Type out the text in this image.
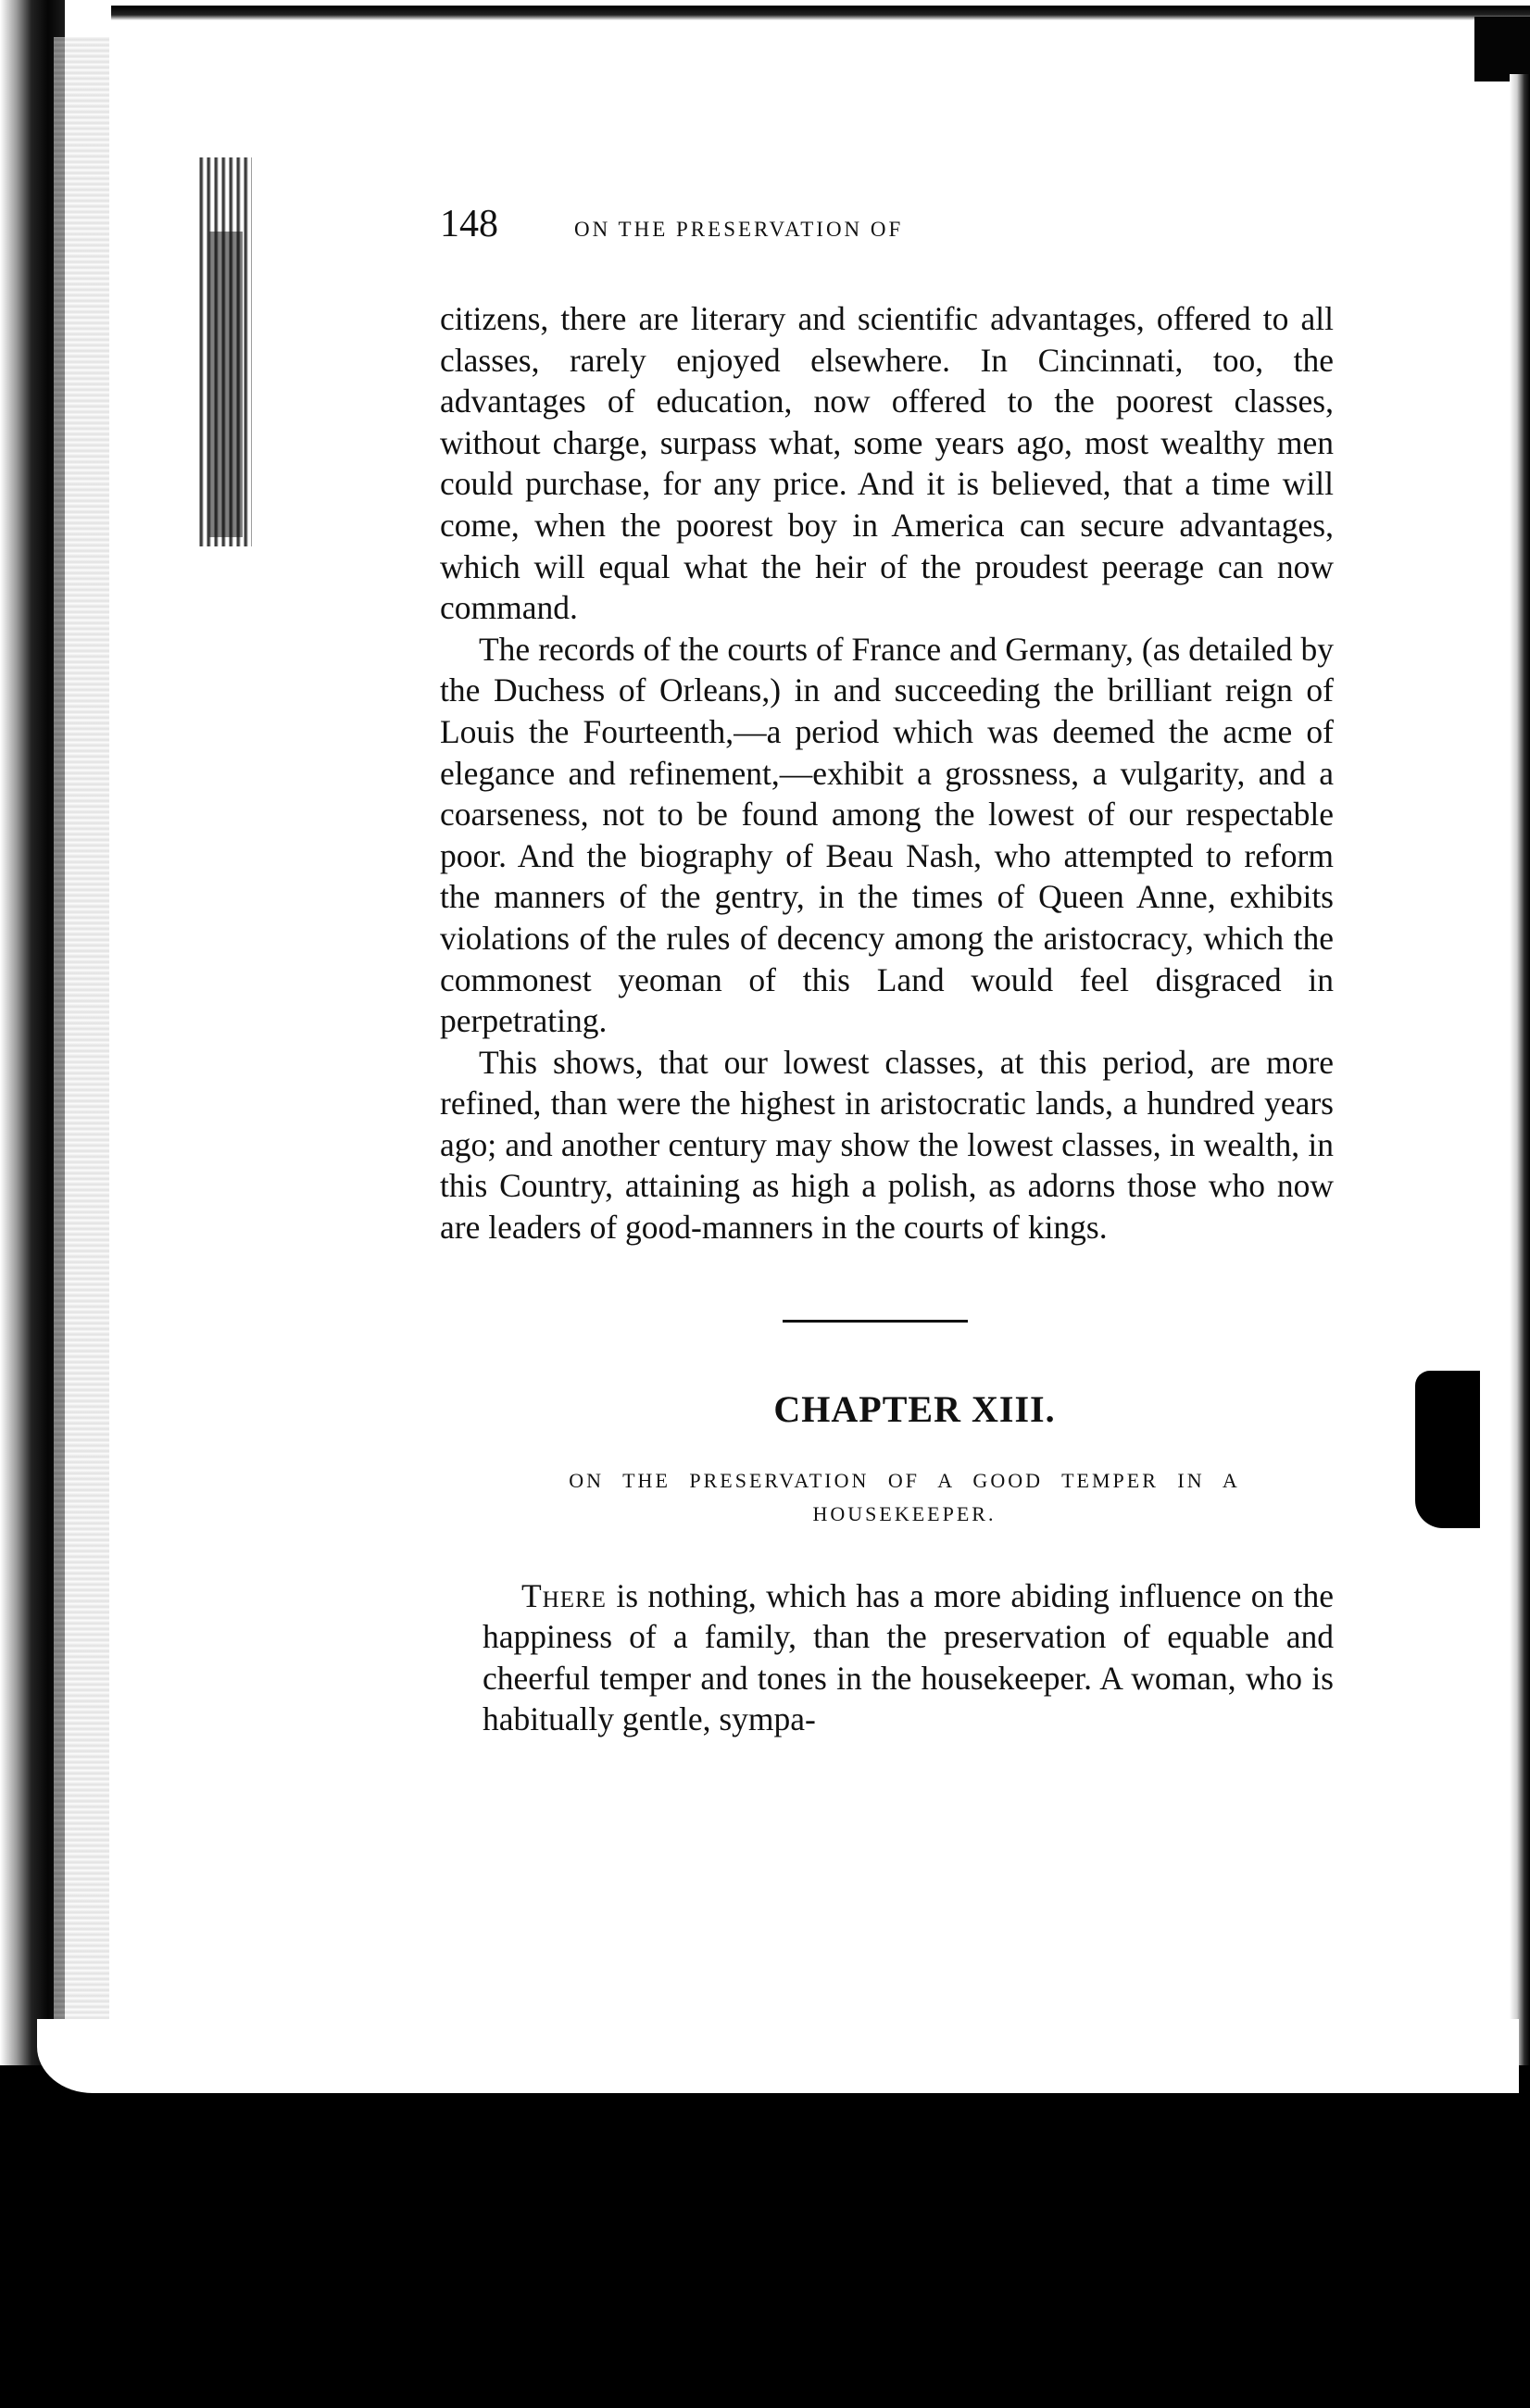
148	ON THE PRESERVATION OF

citizens, there are literary and scientific advantages, offered to all classes, rarely enjoyed elsewhere. In Cincinnati, too, the advantages of education, now offered to the poorest classes, without charge, surpass what, some years ago, most wealthy men could purchase, for any price. And it is believed, that a time will come, when the poorest boy in America can secure advantages, which will equal what the heir of the proudest peerage can now command.

The records of the courts of France and Germany, (as detailed by the Duchess of Orleans,) in and succeeding the brilliant reign of Louis the Fourteenth,—a period which was deemed the acme of elegance and refinement,—exhibit a grossness, a vulgarity, and a coarseness, not to be found among the lowest of our respectable poor. And the biography of Beau Nash, who attempted to reform the manners of the gentry, in the times of Queen Anne, exhibits violations of the rules of decency among the aristocracy, which the commonest yeoman of this Land would feel disgraced in perpetrating.

This shows, that our lowest classes, at this period, are more refined, than were the highest in aristocratic lands, a hundred years ago; and another century may show the lowest classes, in wealth, in this Country, attaining as high a polish, as adorns those who now are leaders of good-manners in the courts of kings.

CHAPTER XIII.

ON THE PRESERVATION OF A GOOD TEMPER IN A HOUSEKEEPER.

There is nothing, which has a more abiding influence on the happiness of a family, than the preservation of equable and cheerful temper and tones in the housekeeper. A woman, who is habitually gentle, sympa-
